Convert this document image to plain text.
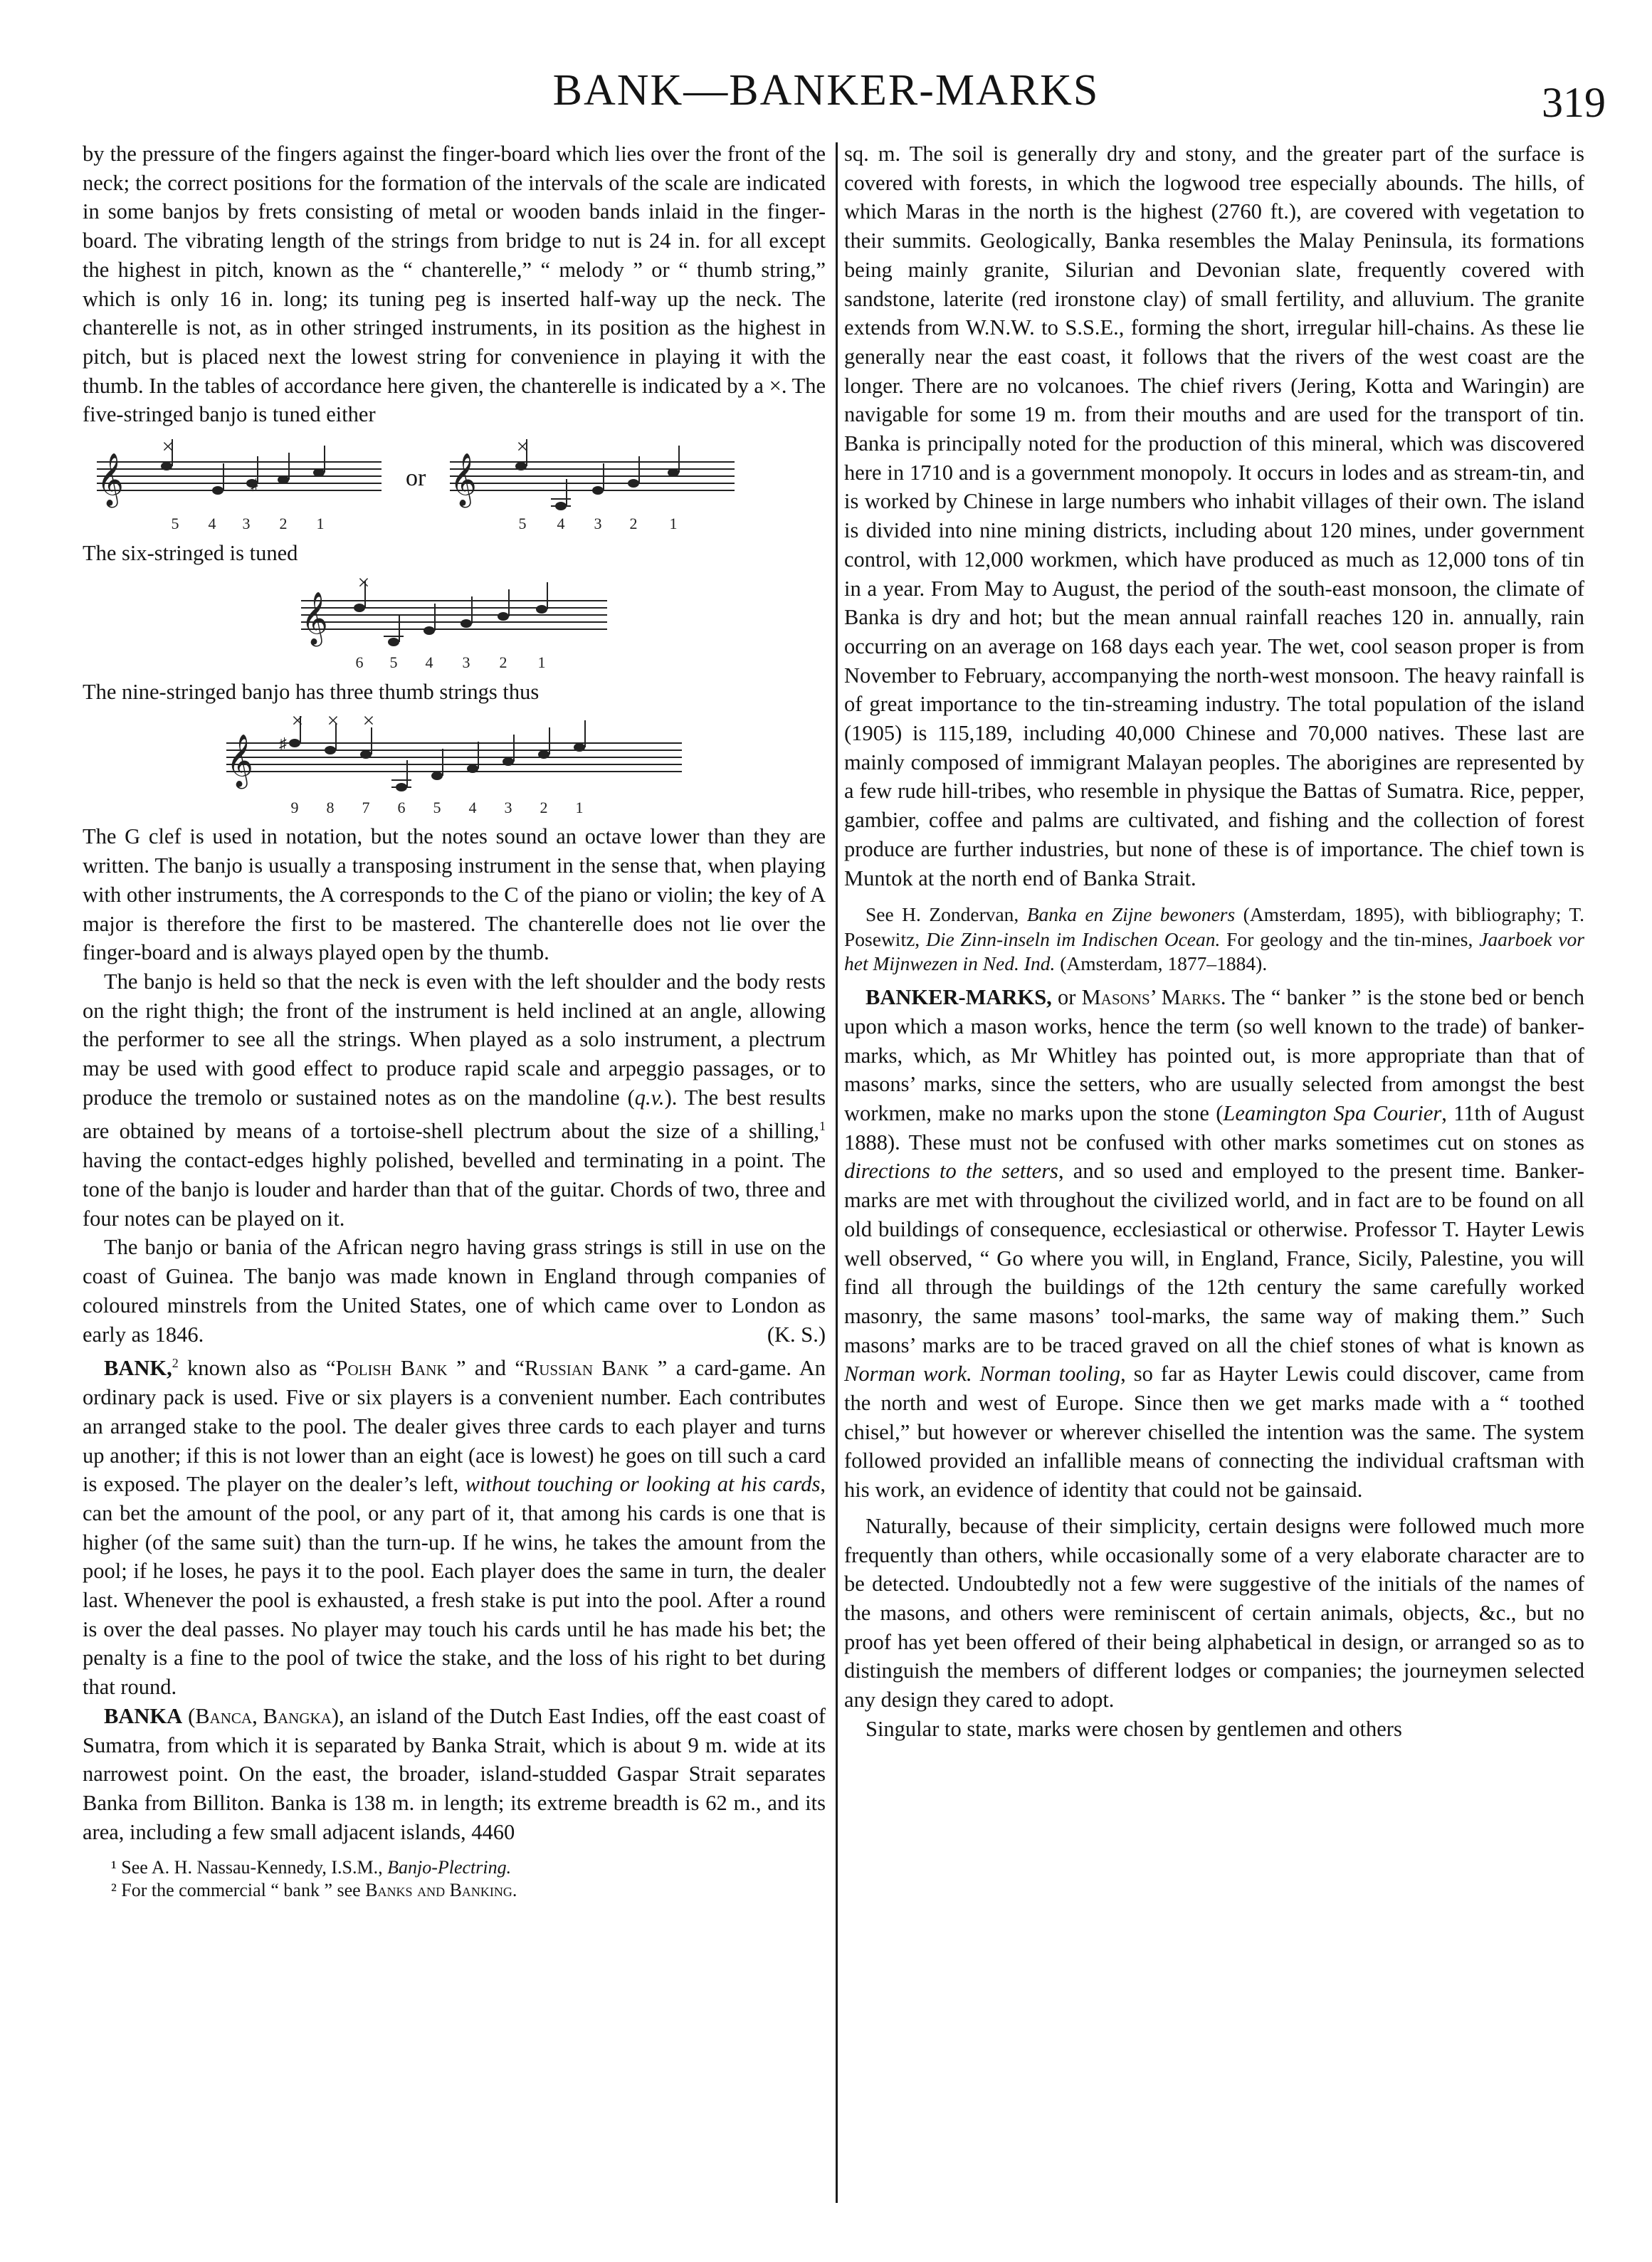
BANK—BANKER-MARKS	319

by the pressure of the fingers against the finger-board which lies over the front of the neck; the correct positions for the formation of the intervals of the scale are indicated in some banjos by frets consisting of metal or wooden bands inlaid in the finger-board. The vibrating length of the strings from bridge to nut is 24 in. for all except the highest in pitch, known as the “ chanterelle,” “ melody ” or “ thumb string,” which is only 16 in. long; its tuning peg is inserted half-way up the neck. The chanterelle is not, as in other stringed instruments, in its position as the highest in pitch, but is placed next the lowest string for convenience in playing it with the thumb. In the tables of accordance here given, the chanterelle is indicated by a ×. The five-stringed banjo is tuned either

𝄞
×
♯
5 4 3 2 1
or 𝄞
×
5 4 3 2 1

The six-stringed is tuned

𝄞
×
6 5 4 3 2 1

The nine-stringed banjo has three thumb strings thus

𝄞
× × ×
♯
9 8 7 6 5 4 3 2 1

The G clef is used in notation, but the notes sound an octave lower than they are written. The banjo is usually a transposing instrument in the sense that, when playing with other instruments, the A corresponds to the C of the piano or violin; the key of A major is therefore the first to be mastered. The chanterelle does not lie over the finger-board and is always played open by the thumb.

The banjo is held so that the neck is even with the left shoulder and the body rests on the right thigh; the front of the instrument is held inclined at an angle, allowing the performer to see all the strings. When played as a solo instrument, a plectrum may be used with good effect to produce rapid scale and arpeggio passages, or to produce the tremolo or sustained notes as on the mandoline (q.v.). The best results are obtained by means of a tortoise-shell plectrum about the size of a shilling,$^1$ having the contact-edges highly polished, bevelled and terminating in a point. The tone of the banjo is louder and harder than that of the guitar. Chords of two, three and four notes can be played on it.

The banjo or bania of the African negro having grass strings is still in use on the coast of Guinea. The banjo was made known in England through companies of coloured minstrels from the United States, one of which came over to London as early as 1846.	(K. S.)

BANK,$^2$ known also as “Polish Bank ” and “Russian Bank ” a card-game. An ordinary pack is used. Five or six players is a convenient number. Each contributes an arranged stake to the pool. The dealer gives three cards to each player and turns up another; if this is not lower than an eight (ace is lowest) he goes on till such a card is exposed. The player on the dealer’s left, without touching or looking at his cards, can bet the amount of the pool, or any part of it, that among his cards is one that is higher (of the same suit) than the turn-up. If he wins, he takes the amount from the pool; if he loses, he pays it to the pool. Each player does the same in turn, the dealer last. Whenever the pool is exhausted, a fresh stake is put into the pool. After a round is over the deal passes. No player may touch his cards until he has made his bet; the penalty is a fine to the pool of twice the stake, and the loss of his right to bet during that round.

BANKA (Banca, Bangka), an island of the Dutch East Indies, off the east coast of Sumatra, from which it is separated by Banka Strait, which is about 9 m. wide at its narrowest point. On the east, the broader, island-studded Gaspar Strait separates Banka from Billiton. Banka is 138 m. in length; its extreme breadth is 62 m., and its area, including a few small adjacent islands, 4460

¹ See A. H. Nassau-Kennedy, I.S.M., Banjo-Plectring.

² For the commercial “ bank ” see Banks and Banking.

sq. m. The soil is generally dry and stony, and the greater part of the surface is covered with forests, in which the logwood tree especially abounds. The hills, of which Maras in the north is the highest (2760 ft.), are covered with vegetation to their summits. Geologically, Banka resembles the Malay Peninsula, its formations being mainly granite, Silurian and Devonian slate, frequently covered with sandstone, laterite (red ironstone clay) of small fertility, and alluvium. The granite extends from W.N.W. to S.S.E., forming the short, irregular hill-chains. As these lie generally near the east coast, it follows that the rivers of the west coast are the longer. There are no volcanoes. The chief rivers (Jering, Kotta and Waringin) are navigable for some 19 m. from their mouths and are used for the transport of tin. Banka is principally noted for the production of this mineral, which was discovered here in 1710 and is a government monopoly. It occurs in lodes and as stream-tin, and is worked by Chinese in large numbers who inhabit villages of their own. The island is divided into nine mining districts, including about 120 mines, under government control, with 12,000 workmen, which have produced as much as 12,000 tons of tin in a year. From May to August, the period of the south-east monsoon, the climate of Banka is dry and hot; but the mean annual rainfall reaches 120 in. annually, rain occurring on an average on 168 days each year. The wet, cool season proper is from November to February, accompanying the north-west monsoon. The heavy rainfall is of great importance to the tin-streaming industry. The total population of the island (1905) is 115,189, including 40,000 Chinese and 70,000 natives. These last are mainly composed of immigrant Malayan peoples. The aborigines are represented by a few rude hill-tribes, who resemble in physique the Battas of Sumatra. Rice, pepper, gambier, coffee and palms are cultivated, and fishing and the collection of forest produce are further industries, but none of these is of importance. The chief town is Muntok at the north end of Banka Strait.

See H. Zondervan, Banka en Zijne bewoners (Amsterdam, 1895), with bibliography; T. Posewitz, Die Zinn-inseln im Indischen Ocean. For geology and the tin-mines, Jaarboek vor het Mijnwezen in Ned. Ind. (Amsterdam, 1877–1884).

BANKER-MARKS, or Masons’ Marks. The “ banker ” is the stone bed or bench upon which a mason works, hence the term (so well known to the trade) of banker-marks, which, as Mr Whitley has pointed out, is more appropriate than that of masons’ marks, since the setters, who are usually selected from amongst the best workmen, make no marks upon the stone (Leamington Spa Courier, 11th of August 1888). These must not be confused with other marks sometimes cut on stones as directions to the setters, and so used and employed to the present time. Banker-marks are met with throughout the civilized world, and in fact are to be found on all old buildings of consequence, ecclesiastical or otherwise. Professor T. Hayter Lewis well observed, “ Go where you will, in England, France, Sicily, Palestine, you will find all through the buildings of the 12th century the same carefully worked masonry, the same masons’ tool-marks, the same way of making them.” Such masons’ marks are to be traced graved on all the chief stones of what is known as Norman work. Norman tooling, so far as Hayter Lewis could discover, came from the north and west of Europe. Since then we get marks made with a “ toothed chisel,” but however or wherever chiselled the intention was the same. The system followed provided an infallible means of connecting the individual craftsman with his work, an evidence of identity that could not be gainsaid.

Naturally, because of their simplicity, certain designs were followed much more frequently than others, while occasionally some of a very elaborate character are to be detected. Undoubtedly not a few were suggestive of the initials of the names of the masons, and others were reminiscent of certain animals, objects, &c., but no proof has yet been offered of their being alphabetical in design, or arranged so as to distinguish the members of different lodges or companies; the journeymen selected any design they cared to adopt.

Singular to state, marks were chosen by gentlemen and others
